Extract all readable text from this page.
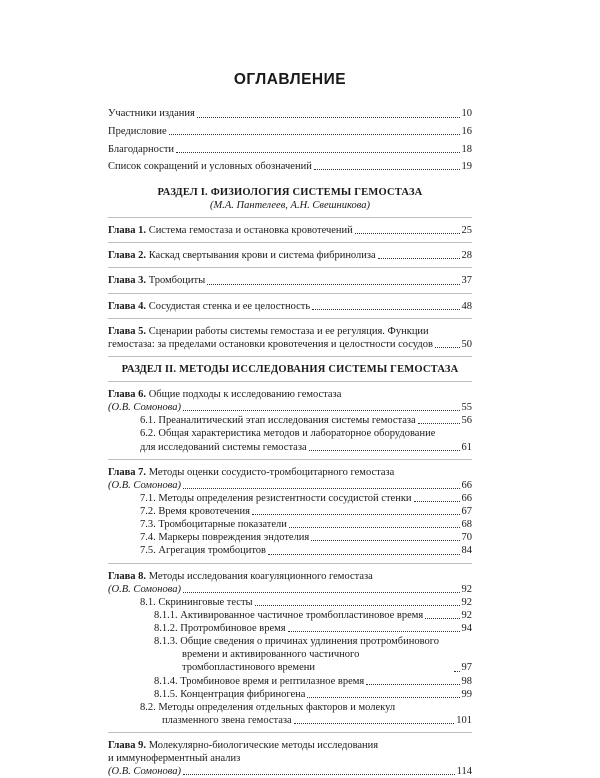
ОГЛАВЛЕНИЕ
Участники издания	10
Предисловие	16
Благодарности	18
Список сокращений и условных обозначений	19
РАЗДЕЛ I. ФИЗИОЛОГИЯ СИСТЕМЫ ГЕМОСТАЗА
(М.А. Пантелеев, А.Н. Свешникова)
Глава 1. Система гемостаза и остановка кровотечений	25
Глава 2. Каскад свертывания крови и система фибринолиза	28
Глава 3. Тромбоциты	37
Глава 4. Сосудистая стенка и ее целостность	48
Глава 5. Сценарии работы системы гемостаза и ее регуляция. Функции
гемостаза: за пределами остановки кровотечения и целостности сосудов	50
РАЗДЕЛ II. МЕТОДЫ ИССЛЕДОВАНИЯ СИСТЕМЫ ГЕМОСТАЗА
Глава 6. Общие подходы к исследованию гемостаза
(О.В. Сомонова)	55
6.1. Преаналитический этап исследования системы гемостаза	56
6.2. Общая характеристика методов и лабораторное оборудование
для исследований системы гемостаза	61
Глава 7. Методы оценки сосудисто-тромбоцитарного гемостаза
(О.В. Сомонова)	66
7.1. Методы определения резистентности сосудистой стенки	66
7.2. Время кровотечения	67
7.3. Тромбоцитарные показатели	68
7.4. Маркеры повреждения эндотелия	70
7.5. Агрегация тромбоцитов	84
Глава 8. Методы исследования коагуляционного гемостаза
(О.В. Сомонова)	92
8.1. Скрининговые тесты	92
8.1.1. Активированное частичное тромбопластиновое время	92
8.1.2. Протромбиновое время	94
8.1.3. Общие сведения о причинах удлинения протромбинового
времени и активированного частичного тромбопластинового времени	97
8.1.4. Тромбиновое время и рептилазное время	98
8.1.5. Концентрация фибриногена	99
8.2. Методы определения отдельных факторов и молекул
плазменного звена гемостаза	101
Глава 9. Молекулярно-биологические методы исследования
и иммуноферментный анализ
(О.В. Сомонова)	114
